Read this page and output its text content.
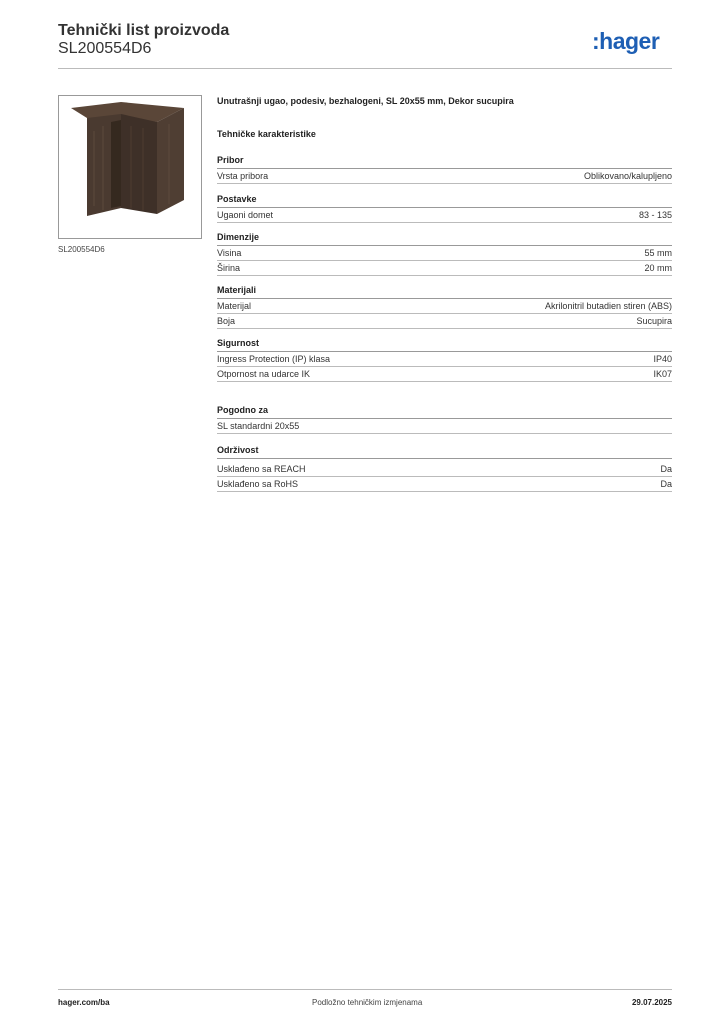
Tehnički list proizvoda
SL200554D6	:hager
SL200554D6
Unutrašnji ugao, podesiv, bezhalogeni, SL 20x55 mm, Dekor sucupira
Tehničke karakteristike
Pribor
Vrsta pribora	Oblikovano/kalupljeno
Postavke
Ugaoni domet	83 - 135
Dimenzije
Visina	55 mm
Širina	20 mm
Materijali
Materijal	Akrilonitril butadien stiren (ABS)
Boja	Sucupira
Sigurnost
Ingress Protection (IP) klasa	IP40
Otpornost na udarce IK	IK07
Pogodno za
SL standardni 20x55
Održivost
Usklađeno sa REACH	Da
Usklađeno sa RoHS	Da
hager.com/ba	Podložno tehničkim izmjenama	29.07.2025
